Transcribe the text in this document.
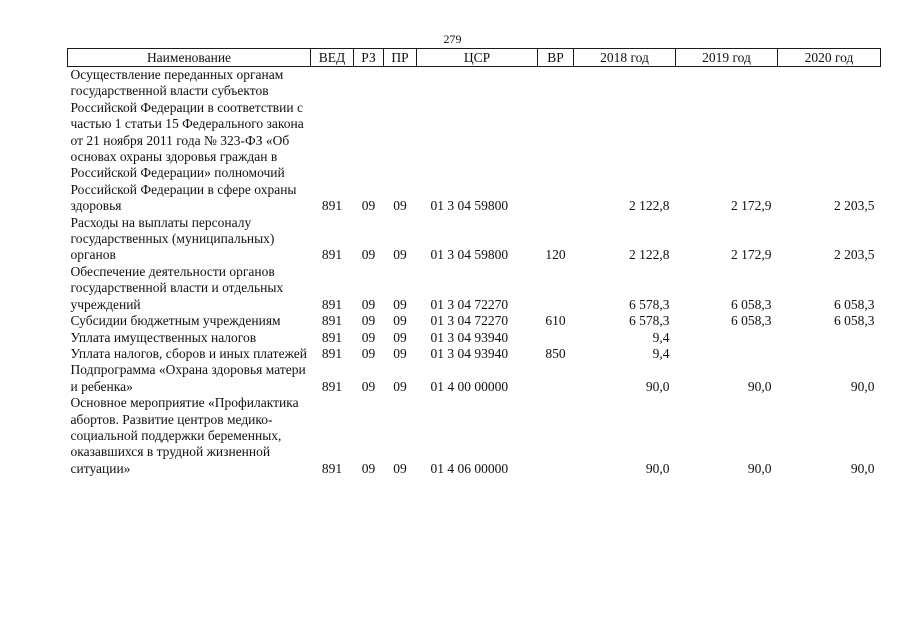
279
Наименование	ВЕД	РЗ	ПР	ЦСР	ВР	2018 год	2019 год	2020 год
Осуществление переданных органам государственной власти субъектов Российской Федерации в соответствии с частью 1 статьи 15 Федерального закона от 21 ноября 2011 года № 323-ФЗ «Об основах охраны здоровья граждан в Российской Федерации» полномочий Российской Федерации в сфере охраны здоровья	891	09	09	01 3 04 59800		2 122,8	2 172,9	2 203,5
Расходы на выплаты персоналу государственных (муниципальных) органов	891	09	09	01 3 04 59800	120	2 122,8	2 172,9	2 203,5
Обеспечение деятельности органов государственной власти и отдельных учреждений	891	09	09	01 3 04 72270		6 578,3	6 058,3	6 058,3
Субсидии бюджетным учреждениям	891	09	09	01 3 04 72270	610	6 578,3	6 058,3	6 058,3
Уплата имущественных налогов	891	09	09	01 3 04 93940		9,4		
Уплата налогов, сборов и иных платежей	891	09	09	01 3 04 93940	850	9,4		
Подпрограмма «Охрана здоровья матери и ребенка»	891	09	09	01 4 00 00000		90,0	90,0	90,0
Основное мероприятие «Профилактика абортов. Развитие центров медико-социальной поддержки беременных, оказавшихся в трудной жизненной ситуации»	891	09	09	01 4 06 00000		90,0	90,0	90,0
